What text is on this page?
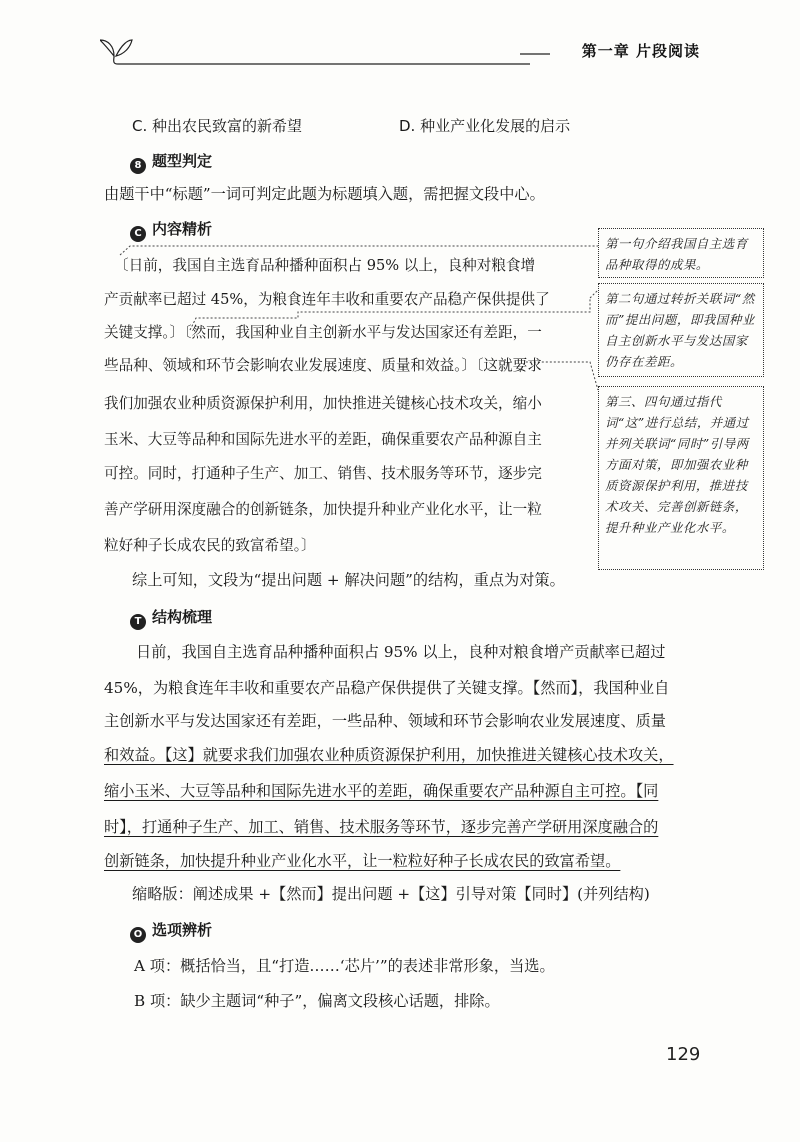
第一章 片段阅读
C. 种出农民致富的新希望	D. 种业产业化发展的启示
8 题型判定
由题干中“标题”一词可判定此题为标题填入题，需把握文段中心。
C 内容精析
〔日前，我国自主选育品种播种面积占 95% 以上，良种对粮食增
产贡献率已超过 45%，为粮食连年丰收和重要农产品稳产保供提供了
关键支撑。〕〔然而，我国种业自主创新水平与发达国家还有差距，一
些品种、领域和环节会影响农业发展速度、质量和效益。〕〔这就要求
我们加强农业种质资源保护利用，加快推进关键核心技术攻关，缩小
玉米、大豆等品种和国际先进水平的差距，确保重要农产品种源自主
可控。同时，打通种子生产、加工、销售、技术服务等环节，逐步完
善产学研用深度融合的创新链条，加快提升种业产业化水平，让一粒
粒好种子长成农民的致富希望。〕
第一句介绍我国自主选育品种取得的成果。
第二句通过转折关联词“然而”提出问题，即我国种业自主创新水平与发达国家仍存在差距。
第三、四句通过指代词“这”进行总结，并通过并列关联词“同时”引导两方面对策，即加强农业种质资源保护利用，推进技术攻关、完善创新链条，提升种业产业化水平。
综上可知，文段为“提出问题 + 解决问题”的结构，重点为对策。
T 结构梳理
日前，我国自主选育品种播种面积占 95% 以上，良种对粮食增产贡献率已超过
45%，为粮食连年丰收和重要农产品稳产保供提供了关键支撑。【然而】，我国种业自
主创新水平与发达国家还有差距，一些品种、领域和环节会影响农业发展速度、质量
和效益。【这】就要求我们加强农业种质资源保护利用，加快推进关键核心技术攻关，
缩小玉米、大豆等品种和国际先进水平的差距，确保重要农产品种源自主可控。【同
时】，打通种子生产、加工、销售、技术服务等环节，逐步完善产学研用深度融合的
创新链条，加快提升种业产业化水平，让一粒粒好种子长成农民的致富希望。
缩略版：阐述成果 +【然而】提出问题 +【这】引导对策【同时】(并列结构)
O 选项辨析
A 项：概括恰当，且“打造……‘芯片’”的表述非常形象，当选。
B 项：缺少主题词“种子”，偏离文段核心话题，排除。
129
